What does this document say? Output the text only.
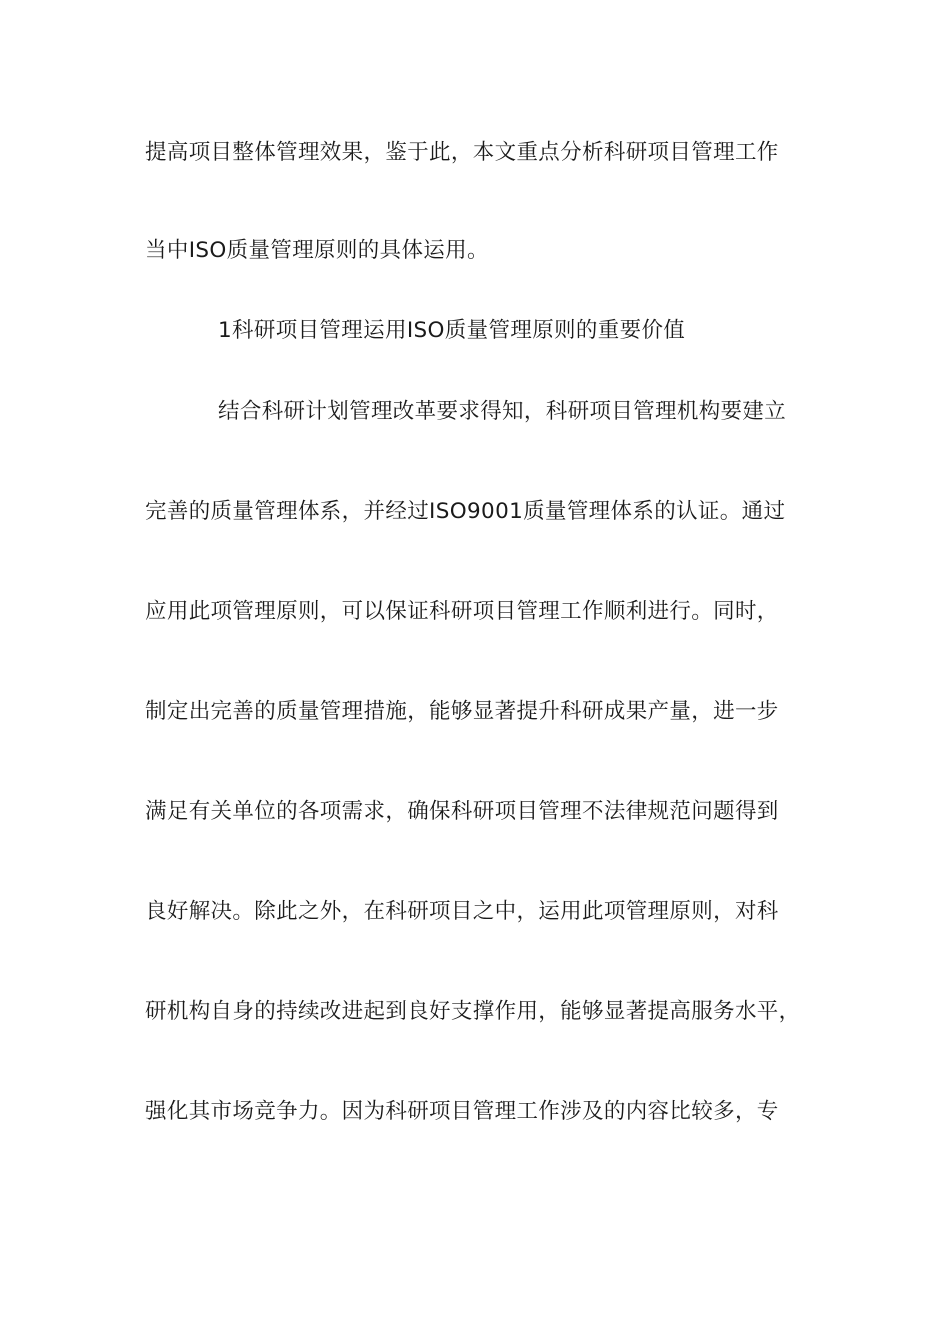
提高项目整体管理效果，鉴于此，本文重点分析科研项目管理工作
当中ISO质量管理原则的具体运用。
1科研项目管理运用ISO质量管理原则的重要价值
结合科研计划管理改革要求得知，科研项目管理机构要建立
完善的质量管理体系，并经过ISO9001质量管理体系的认证。通过
应用此项管理原则，可以保证科研项目管理工作顺利进行。同时，
制定出完善的质量管理措施，能够显著提升科研成果产量，进一步
满足有关单位的各项需求，确保科研项目管理不法律规范问题得到
良好解决。除此之外，在科研项目之中，运用此项管理原则，对科
研机构自身的持续改进起到良好支撑作用，能够显著提高服务水平，
强化其市场竞争力。因为科研项目管理工作涉及的内容比较多，专
